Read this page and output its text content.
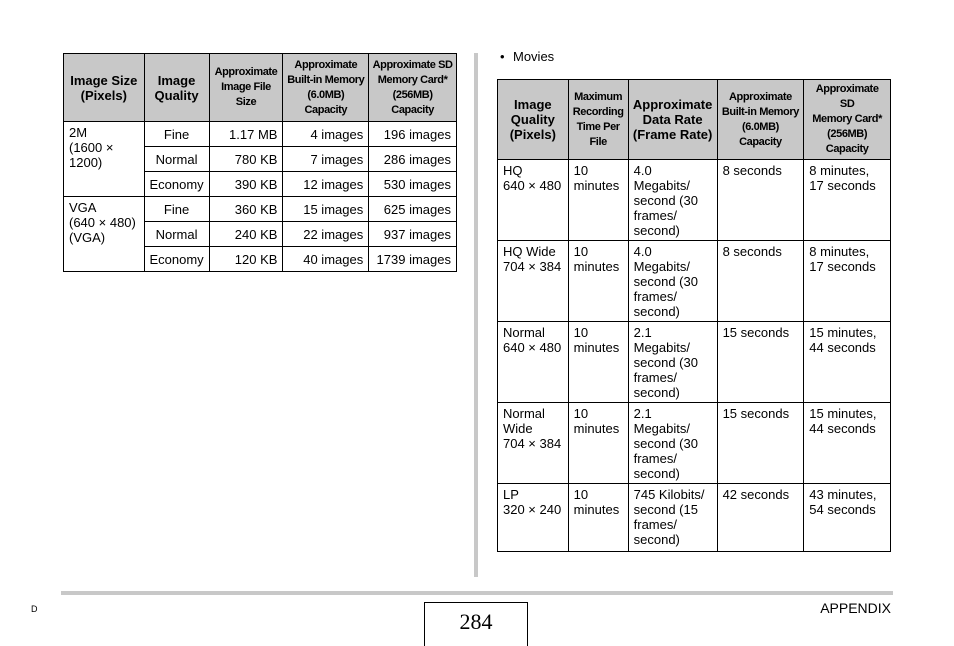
Image Size
(Pixels)	Image
Quality	Approximate
Image File
Size	Approximate
Built-in Memory
(6.0MB)
Capacity	Approximate SD
Memory Card*
(256MB)
Capacity
2M
(1600 ×
1200)	Fine	1.17 MB	4 images	196 images
	Normal	780 KB	7 images	286 images
	Economy	390 KB	12 images	530 images
VGA
(640 × 480)
(VGA)	Fine	360 KB	15 images	625 images
	Normal	240 KB	22 images	937 images
	Economy	120 KB	40 images	1739 images
• Movies
Image
Quality
(Pixels)	Maximum
Recording
Time Per
File	Approximate
Data Rate
(Frame Rate)	Approximate
Built-in Memory
(6.0MB)
Capacity	Approximate SD
Memory Card*
(256MB)
Capacity
HQ
640 × 480	10
minutes	4.0 Megabits/
second (30
frames/
second)	8 seconds	8 minutes,
17 seconds
HQ Wide
704 × 384	10
minutes	4.0 Megabits/
second (30
frames/
second)	8 seconds	8 minutes,
17 seconds
Normal
640 × 480	10
minutes	2.1 Megabits/
second (30
frames/
second)	15 seconds	15 minutes,
44 seconds
Normal
Wide
704 × 384	10
minutes	2.1 Megabits/
second (30
frames/
second)	15 seconds	15 minutes,
44 seconds
LP
320 × 240	10
minutes	745 Kilobits/
second (15
frames/
second)	42 seconds	43 minutes,
54 seconds
D	284
APPENDIX
